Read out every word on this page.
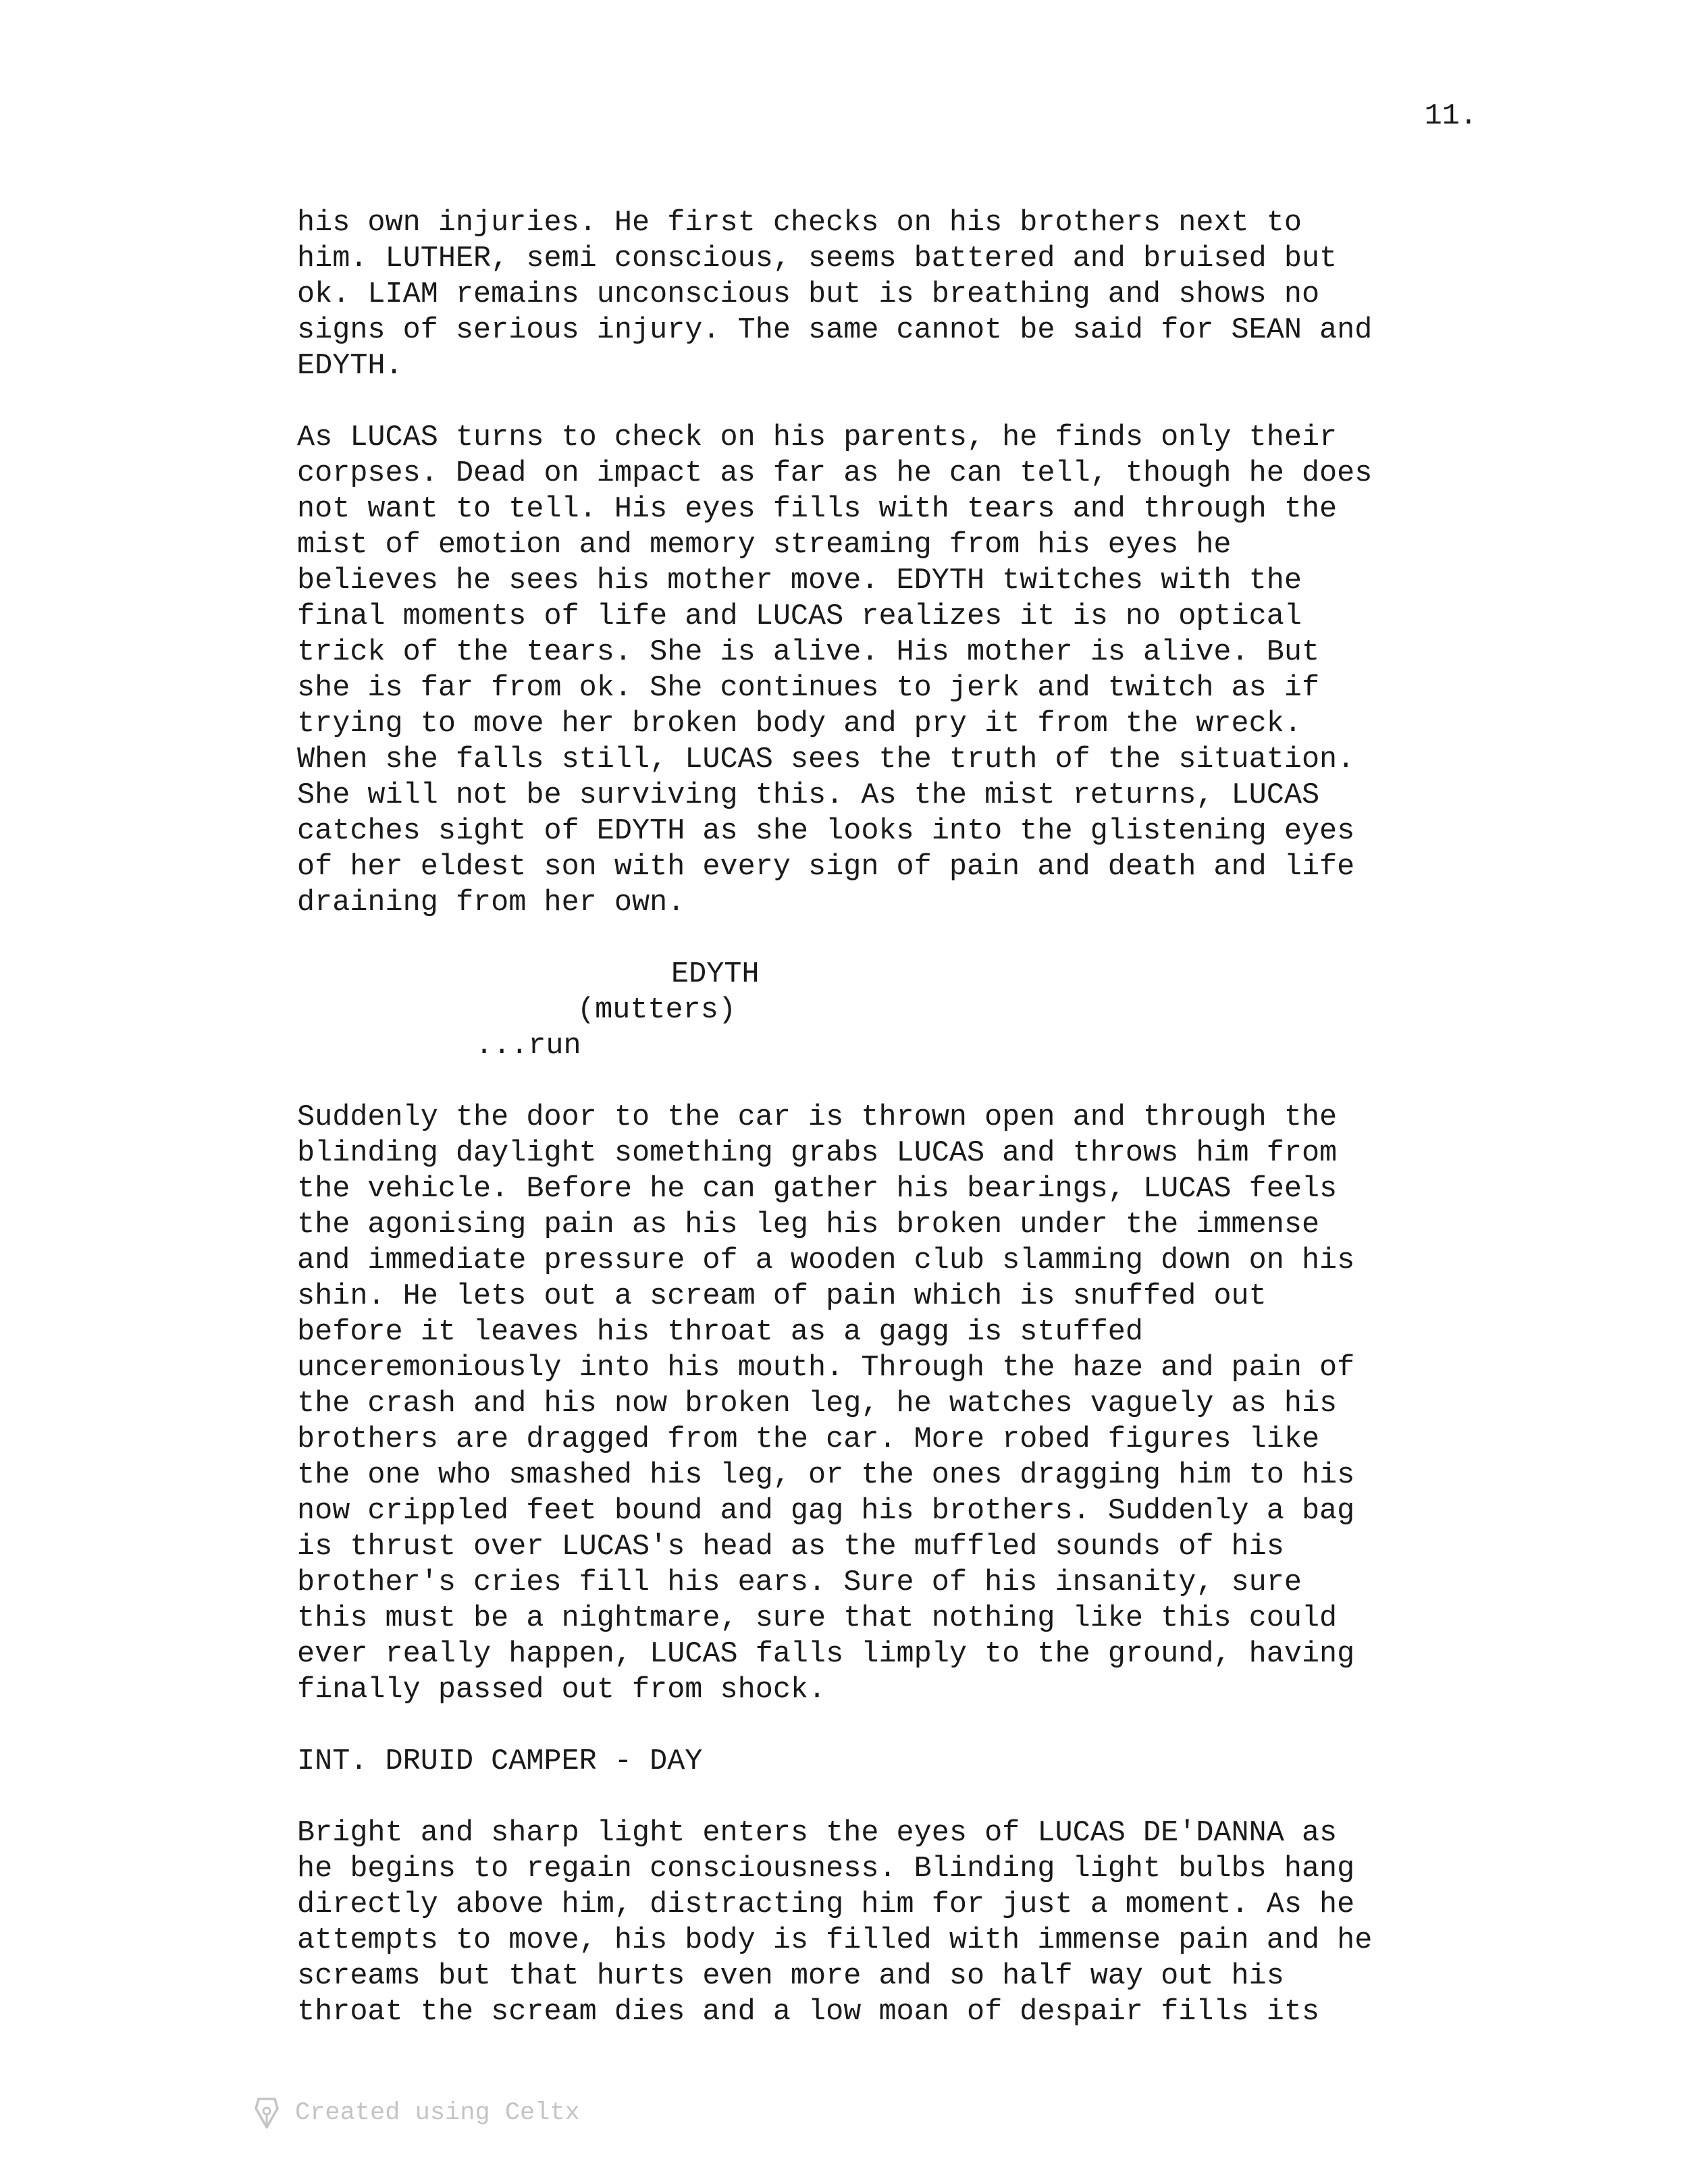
11.
his own injuries. He first checks on his brothers next to
him. LUTHER, semi conscious, seems battered and bruised but
ok. LIAM remains unconscious but is breathing and shows no
signs of serious injury. The same cannot be said for SEAN and
EDYTH.
As LUCAS turns to check on his parents, he finds only their
corpses. Dead on impact as far as he can tell, though he does
not want to tell. His eyes fills with tears and through the
mist of emotion and memory streaming from his eyes he
believes he sees his mother move. EDYTH twitches with the
final moments of life and LUCAS realizes it is no optical
trick of the tears. She is alive. His mother is alive. But
she is far from ok. She continues to jerk and twitch as if
trying to move her broken body and pry it from the wreck.
When she falls still, LUCAS sees the truth of the situation.
She will not be surviving this. As the mist returns, LUCAS
catches sight of EDYTH as she looks into the glistening eyes
of her eldest son with every sign of pain and death and life
draining from her own.
EDYTH
(mutters)
...run
Suddenly the door to the car is thrown open and through the
blinding daylight something grabs LUCAS and throws him from
the vehicle. Before he can gather his bearings, LUCAS feels
the agonising pain as his leg his broken under the immense
and immediate pressure of a wooden club slamming down on his
shin. He lets out a scream of pain which is snuffed out
before it leaves his throat as a gagg is stuffed
unceremoniously into his mouth. Through the haze and pain of
the crash and his now broken leg, he watches vaguely as his
brothers are dragged from the car. More robed figures like
the one who smashed his leg, or the ones dragging him to his
now crippled feet bound and gag his brothers. Suddenly a bag
is thrust over LUCAS's head as the muffled sounds of his
brother's cries fill his ears. Sure of his insanity, sure
this must be a nightmare, sure that nothing like this could
ever really happen, LUCAS falls limply to the ground, having
finally passed out from shock.
INT. DRUID CAMPER - DAY
Bright and sharp light enters the eyes of LUCAS DE'DANNA as
he begins to regain consciousness. Blinding light bulbs hang
directly above him, distracting him for just a moment. As he
attempts to move, his body is filled with immense pain and he
screams but that hurts even more and so half way out his
throat the scream dies and a low moan of despair fills its
Created using Celtx
